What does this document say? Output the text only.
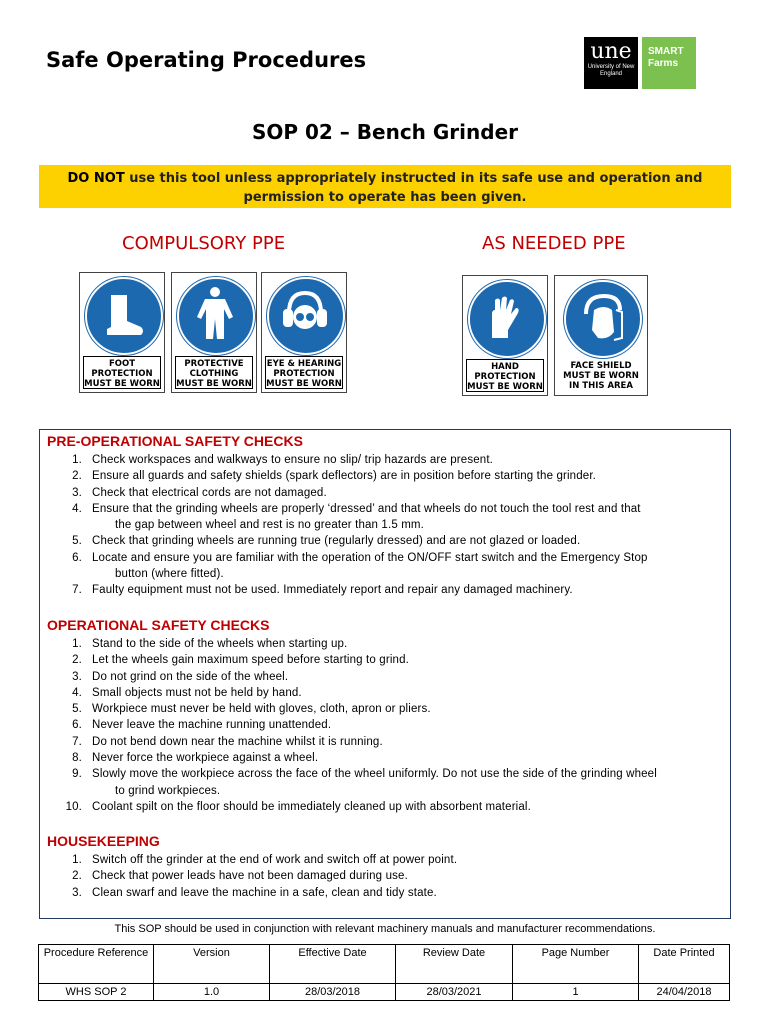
Safe Operating Procedures	une
University of New England
SMART
Farms
SOP 02 – Bench Grinder
DO NOT use this tool unless appropriately instructed in its safe use and operation and permission to operate has been given.
COMPULSORY PPE	AS NEEDED PPE
FOOT PROTECTION MUST BE WORN
PROTECTIVE CLOTHING MUST BE WORN
EYE & HEARING PROTECTION MUST BE WORN
HAND PROTECTION MUST BE WORN
FACE SHIELD MUST BE WORN IN THIS AREA
PRE-OPERATIONAL SAFETY CHECKS
1. Check workspaces and walkways to ensure no slip/ trip hazards are present.
2. Ensure all guards and safety shields (spark deflectors) are in position before starting the grinder.
3. Check that electrical cords are not damaged.
4. Ensure that the grinding wheels are properly ‘dressed’ and that wheels do not touch the tool rest and that
the gap between wheel and rest is no greater than 1.5 mm.
5. Check that grinding wheels are running true (regularly dressed) and are not glazed or loaded.
6. Locate and ensure you are familiar with the operation of the ON/OFF start switch and the Emergency Stop
button (where fitted).
7. Faulty equipment must not be used. Immediately report and repair any damaged machinery.
OPERATIONAL SAFETY CHECKS
1. Stand to the side of the wheels when starting up.
2. Let the wheels gain maximum speed before starting to grind.
3. Do not grind on the side of the wheel.
4. Small objects must not be held by hand.
5. Workpiece must never be held with gloves, cloth, apron or pliers.
6. Never leave the machine running unattended.
7. Do not bend down near the machine whilst it is running.
8. Never force the workpiece against a wheel.
9. Slowly move the workpiece across the face of the wheel uniformly. Do not use the side of the grinding wheel
to grind workpieces.
10. Coolant spilt on the floor should be immediately cleaned up with absorbent material.
HOUSEKEEPING
1. Switch off the grinder at the end of work and switch off at power point.
2. Check that power leads have not been damaged during use.
3. Clean swarf and leave the machine in a safe, clean and tidy state.
This SOP should be used in conjunction with relevant machinery manuals and manufacturer recommendations.
Procedure Reference	Version	Effective Date	Review Date	Page Number	Date Printed
WHS SOP 2	1.0	28/03/2018	28/03/2021	1	24/04/2018
